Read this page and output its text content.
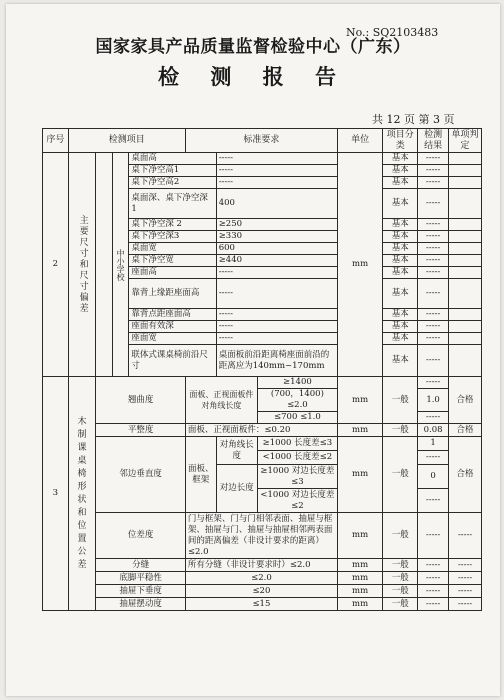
No.: SQ2103483
国家家具产品质量监督检验中心（广东）
检 测 报 告
共 12 页 第 3 页
序号	检测项目				标准要求			单位	项目分类	检测结果	单项判定
2	主要尺寸和尺寸偏差		中小学校	桌面高		-----		mm	基本	-----	
				桌下净空高1		-----			基本	-----	
				桌下净空高2		-----			基本	-----	
				桌面深、桌下净空深 1		400			基本	-----	
				桌下净空深 2		≥250			基本	-----	
				桌下净空深3		≥330			基本	-----	
				桌面宽		600			基本	-----	
				桌下净空宽		≥440			基本	-----	
				座面高		-----			基本	-----	
				靠背上缘距座面高		-----			基本	-----	
				靠背点距座面高		-----			基本	-----	
				座面有效深		-----			基本	-----	
				座面宽		-----			基本	-----	
				联体式课桌椅前沿尺寸		桌面板前沿距离椅座面前沿的距离应为140mm~170mm			基本	-----	
3	木制课桌椅形状和位置公差	翘曲度			面板、正视面板件对角线长度		≥1400	mm	一般	-----	合格
							(700，1400) ≤2.0			1.0	
							≤700 ≤1.0			-----	
		平整度			面板、正视面板件：≤0.20			mm	一般	0.08	合格
		邻边垂直度			面板、框架	对角线长度	≥1000 长度差≤3	mm	一般	1	合格
							<1000 长度差≤2			-----	
						对边长度	≥1000 对边长度差≤3			0	
							<1000 对边长度差≤2			-----	
		位差度			门与框架、门与门相邻表面、抽屉与框架、抽屉与门、抽屉与抽屉相邻两表面间的距离偏差（非设计要求的距离）≤2.0			mm	一般	-----	-----
		分缝			所有分缝（非设计要求时）≤2.0			mm	一般	-----	-----
		底脚平稳性			≤2.0			mm	一般	-----	-----
		抽屉下垂度			≤20			mm	一般	-----	-----
		抽屉摆动度			≤15			mm	一般	-----	-----
